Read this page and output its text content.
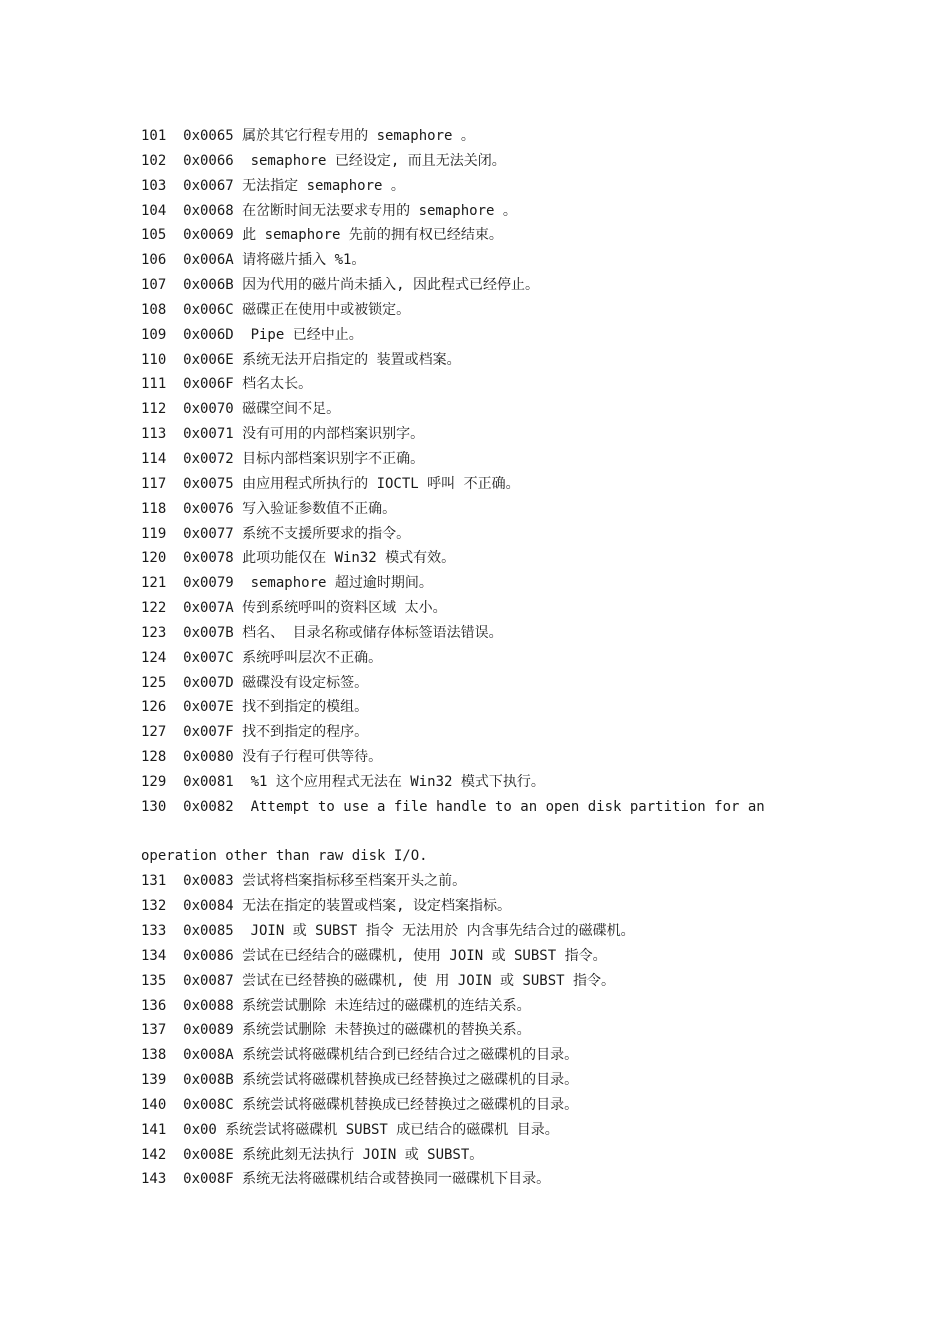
101  0x0065 属於其它行程专用的 semaphore 。
102  0x0066  semaphore 已经设定, 而且无法关闭。
103  0x0067 无法指定 semaphore 。
104  0x0068 在岔断时间无法要求专用的 semaphore 。
105  0x0069 此 semaphore 先前的拥有权已经结束。
106  0x006A 请将磁片插入 %1。
107  0x006B 因为代用的磁片尚未插入, 因此程式已经停止。
108  0x006C 磁碟正在使用中或被锁定。
109  0x006D  Pipe 已经中止。
110  0x006E 系统无法开启指定的 装置或档案。
111  0x006F 档名太长。
112  0x0070 磁碟空间不足。
113  0x0071 没有可用的内部档案识别字。
114  0x0072 目标内部档案识别字不正确。
117  0x0075 由应用程式所执行的 IOCTL 呼叫 不正确。
118  0x0076 写入验证参数值不正确。
119  0x0077 系统不支援所要求的指令。
120  0x0078 此项功能仅在 Win32 模式有效。
121  0x0079  semaphore 超过逾时期间。
122  0x007A 传到系统呼叫的资料区域 太小。
123  0x007B 档名、 目录名称或储存体标签语法错误。
124  0x007C 系统呼叫层次不正确。
125  0x007D 磁碟没有设定标签。
126  0x007E 找不到指定的模组。
127  0x007F 找不到指定的程序。
128  0x0080 没有子行程可供等待。
129  0x0081  %1 这个应用程式无法在 Win32 模式下执行。
130  0x0082  Attempt to use a file handle to an open disk partition for an
operation other than raw disk I/O.
131  0x0083 尝试将档案指标移至档案开头之前。
132  0x0084 无法在指定的装置或档案, 设定档案指标。
133  0x0085  JOIN 或 SUBST 指令 无法用於 内含事先结合过的磁碟机。
134  0x0086 尝试在已经结合的磁碟机, 使用 JOIN 或 SUBST 指令。
135  0x0087 尝试在已经替换的磁碟机, 使 用 JOIN 或 SUBST 指令。
136  0x0088 系统尝试删除 未连结过的磁碟机的连结关系。
137  0x0089 系统尝试删除 未替换过的磁碟机的替换关系。
138  0x008A 系统尝试将磁碟机结合到已经结合过之磁碟机的目录。
139  0x008B 系统尝试将磁碟机替换成已经替换过之磁碟机的目录。
140  0x008C 系统尝试将磁碟机替换成已经替换过之磁碟机的目录。
141  0x00 系统尝试将磁碟机 SUBST 成已结合的磁碟机 目录。
142  0x008E 系统此刻无法执行 JOIN 或 SUBST。
143  0x008F 系统无法将磁碟机结合或替换同一磁碟机下目录。
